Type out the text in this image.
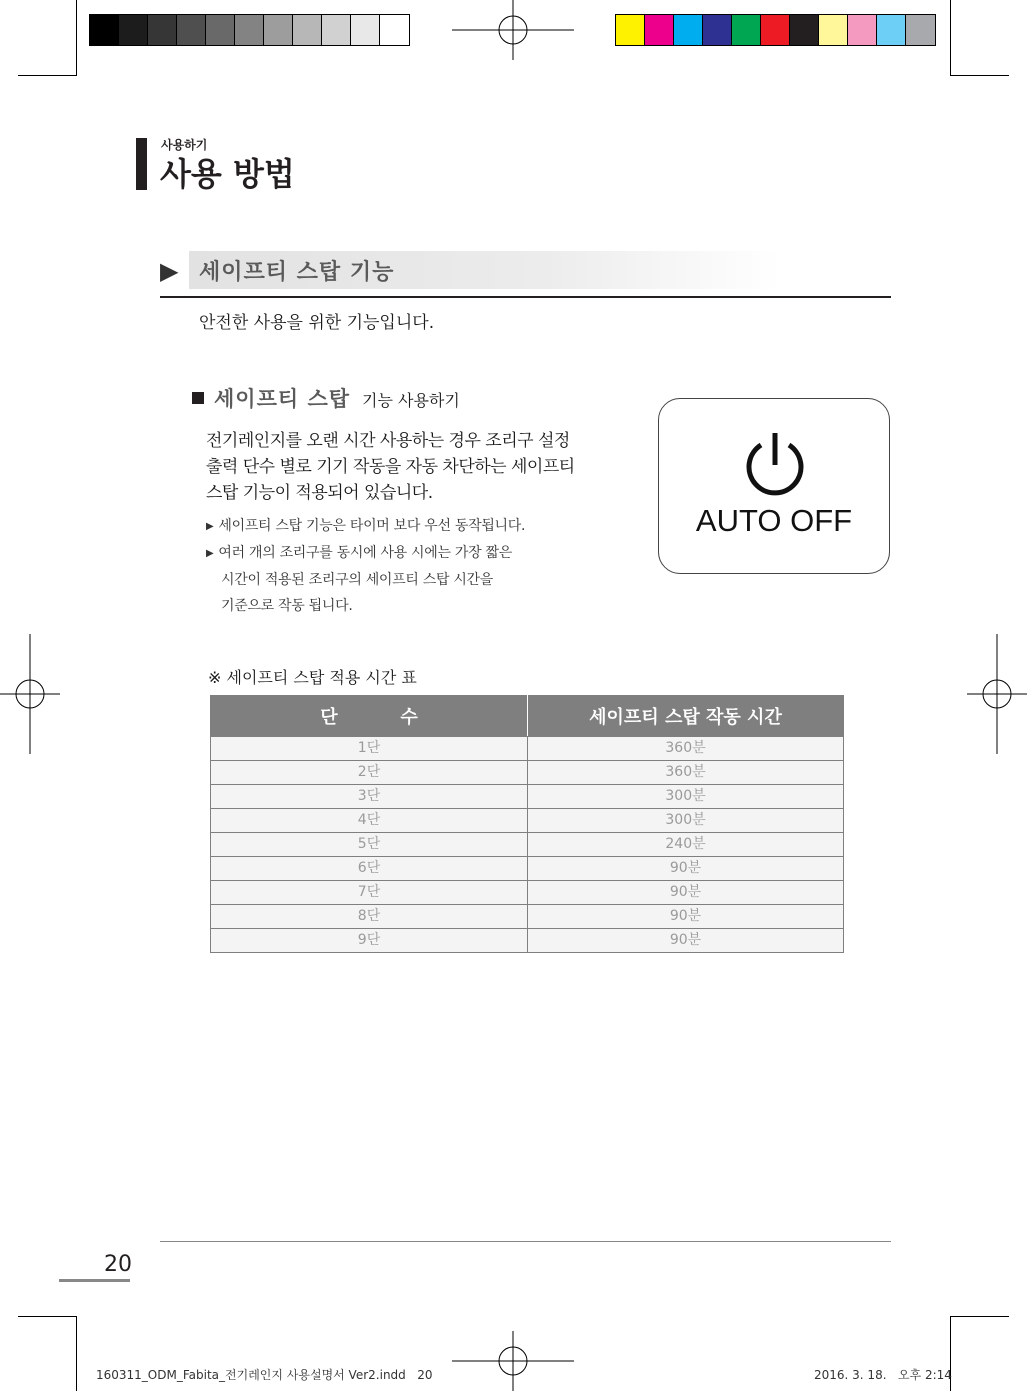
사용하기
사용 방법
▶ 세이프티 스탑 기능
안전한 사용을 위한 기능입니다.
세이프티 스탑 기능 사용하기
전기레인지를 오랜 시간 사용하는 경우 조리구 설정
출력 단수 별로 기기 작동을 자동 차단하는 세이프티
스탑 기능이 적용되어 있습니다.
▶ 세이프티 스탑 기능은 타이머 보다 우선 동작됩니다.
▶ 여러 개의 조리구를 동시에 사용 시에는 가장 짧은
시간이 적용된 조리구의 세이프티 스탑 시간을
기준으로 작동 됩니다.
AUTO OFF
※ 세이프티 스탑 적용 시간 표
단          수	세이프티 스탑 작동 시간
1단	360분
2단	360분
3단	300분
4단	300분
5단	240분
6단	90분
7단	90분
8단	90분
9단	90분
20
160311_ODM_Fabita_전기레인지 사용설명서 Ver2.indd   20	2016. 3. 18.   오후 2:14
